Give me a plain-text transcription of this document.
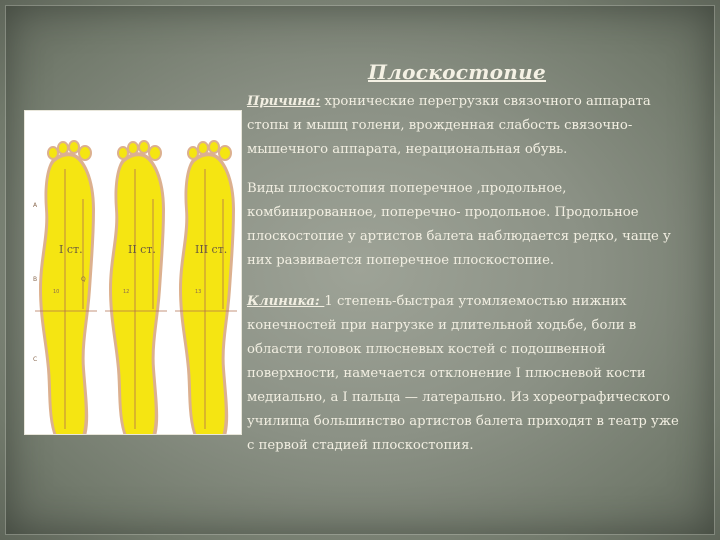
Плоскостопие
I ст.	II ст.	III ст.
A
B	Q
C
10	12	13

Причина: хронические перегрузки связочного аппарата стопы и мышц голени, врожденная слабость связочно-мышечного аппарата, нерациональная обувь.

Виды плоскостопия поперечное ,продольное, комбинированное, поперечно- продольное. Продольное плоскостопие у артистов балета наблюдается редко, чаще у них развивается поперечное плоскостопие.

Клиника: 1 степень-быстрая утомляемостью нижних конечностей при нагрузке и длительной ходьбе, боли в области головок плюсневых костей с подошвенной поверхности, намечается отклонение I плюсневой кости медиально, а I пальца — латерально. Из хореографического училища большинство артистов балета приходят в театр уже с первой стадией плоскостопия.
